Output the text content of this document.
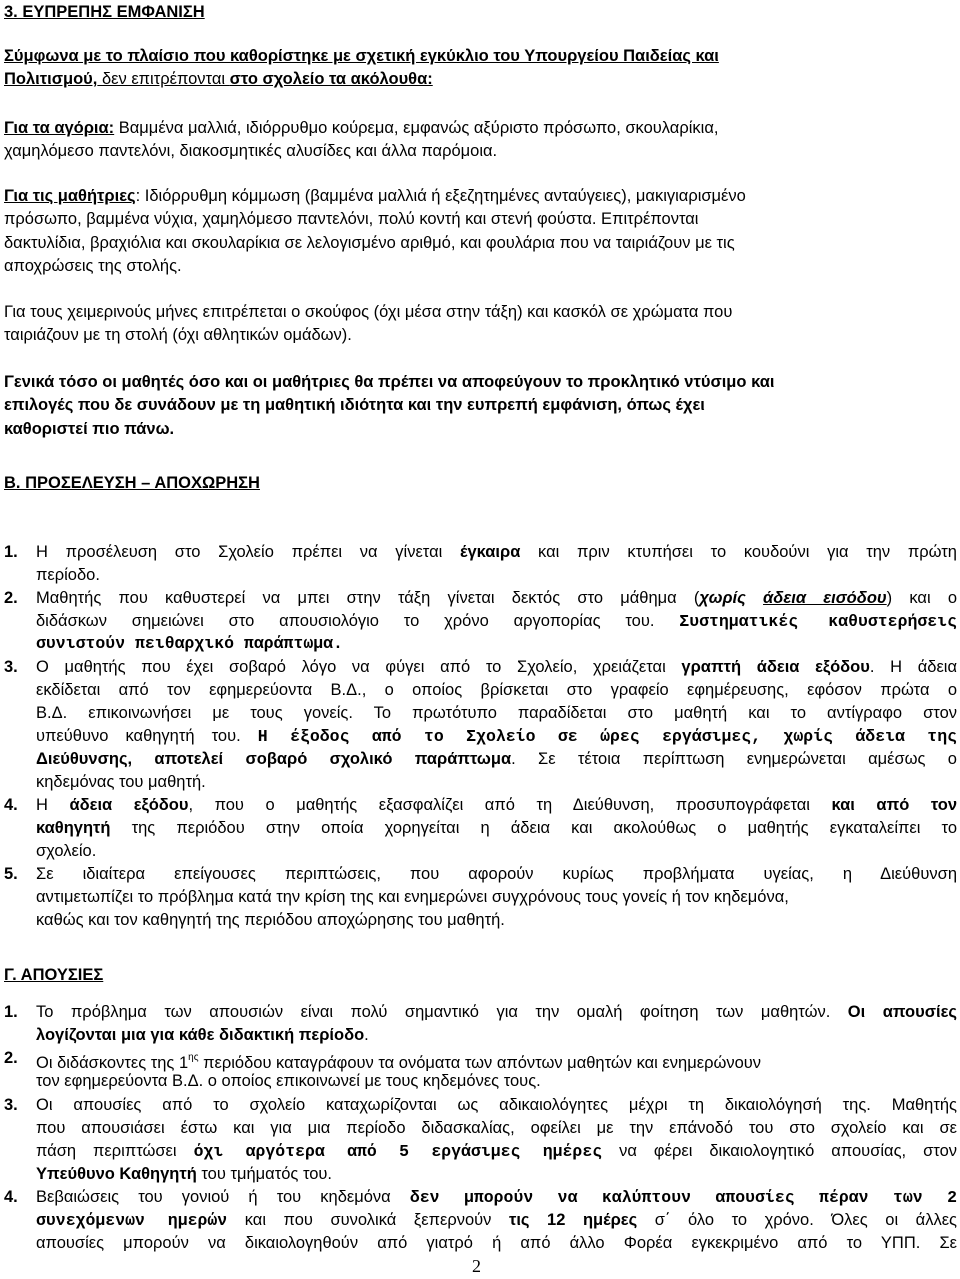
3. ΕΥΠΡΕΠΗΣ ΕΜΦΑΝΙΣΗ
Σύμφωνα με το πλαίσιο που καθορίστηκε με σχετική εγκύκλιο του Υπουργείου Παιδείας και
Πολιτισμού, δεν επιτρέπονται στο σχολείο τα ακόλουθα:
Για τα αγόρια: Βαμμένα μαλλιά, ιδιόρρυθμο κούρεμα, εμφανώς αξύριστο πρόσωπο, σκουλαρίκια,
χαμηλόμεσο παντελόνι, διακοσμητικές αλυσίδες και άλλα παρόμοια.
Για τις μαθήτριες: Ιδιόρρυθμη κόμμωση (βαμμένα μαλλιά ή εξεζητημένες ανταύγειες), μακιγιαρισμένο
πρόσωπο, βαμμένα νύχια, χαμηλόμεσο παντελόνι, πολύ κοντή και στενή φούστα. Επιτρέπονται
δακτυλίδια, βραχιόλια και σκουλαρίκια σε λελογισμένο αριθμό, και φουλάρια που να ταιριάζουν με τις
αποχρώσεις της στολής.
Για τους χειμερινούς μήνες επιτρέπεται ο σκούφος (όχι μέσα στην τάξη) και κασκόλ σε χρώματα που
ταιριάζουν με τη στολή (όχι αθλητικών ομάδων).
Γενικά τόσο οι μαθητές όσο και οι μαθήτριες θα πρέπει να αποφεύγουν το προκλητικό ντύσιμο και
επιλογές που δε συνάδουν με τη μαθητική ιδιότητα και την ευπρεπή εμφάνιση, όπως έχει
καθοριστεί πιο πάνω.
Β. ΠΡΟΣΕΛΕΥΣΗ – ΑΠΟΧΩΡΗΣΗ
1. Η προσέλευση στο Σχολείο πρέπει να γίνεται έγκαιρα και πριν κτυπήσει το κουδούνι για την πρώτη
περίοδο.
2. Μαθητής που καθυστερεί να μπει στην τάξη γίνεται δεκτός στο μάθημα (χωρίς άδεια εισόδου) και ο
διδάσκων σημειώνει στο απουσιολόγιο το χρόνο αργοπορίας του. Συστηματικές καθυστερήσεις
συνιστούν πειθαρχικό παράπτωμα.
3. Ο μαθητής που έχει σοβαρό λόγο να φύγει από το Σχολείο, χρειάζεται γραπτή άδεια εξόδου. Η άδεια
εκδίδεται από τον εφημερεύοντα Β.Δ., ο οποίος βρίσκεται στο γραφείο εφημέρευσης, εφόσον πρώτα ο
Β.Δ. επικοινωνήσει με τους γονείς. Το πρωτότυπο παραδίδεται στο μαθητή και το αντίγραφο στον
υπεύθυνο καθηγητή του. Η έξοδος από το Σχολείο σε ώρες εργάσιμες, χωρίς άδεια της
Διεύθυνσης, αποτελεί σοβαρό σχολικό παράπτωμα. Σε τέτοια περίπτωση ενημερώνεται αμέσως ο
κηδεμόνας του μαθητή.
4. Η άδεια εξόδου, που ο μαθητής εξασφαλίζει από τη Διεύθυνση, προσυπογράφεται και από τον
καθηγητή της περιόδου στην οποία χορηγείται η άδεια και ακολούθως ο μαθητής εγκαταλείπει το
σχολείο.
5. Σε ιδιαίτερα επείγουσες περιπτώσεις, που αφορούν κυρίως προβλήματα υγείας, η Διεύθυνση
αντιμετωπίζει το πρόβλημα κατά την κρίση της και ενημερώνει συγχρόνους τους γονείς ή τον κηδεμόνα,
καθώς και τον καθηγητή της περιόδου αποχώρησης του μαθητή.
Γ. ΑΠΟΥΣΙΕΣ
1. Το πρόβλημα των απουσιών είναι πολύ σημαντικό για την ομαλή φοίτηση των μαθητών. Οι απουσίες
λογίζονται μια για κάθε διδακτική περίοδο.
2. Οι διδάσκοντες της $1^{\eta\varsigma}$ περιόδου καταγράφουν τα ονόματα των απόντων μαθητών και ενημερώνουν
τον εφημερεύοντα Β.Δ. ο οποίος επικοινωνεί με τους κηδεμόνες τους.
3. Οι απουσίες από το σχολείο καταχωρίζονται ως αδικαιολόγητες μέχρι τη δικαιολόγησή της. Μαθητής
που απουσιάσει έστω και για μια περίοδο διδασκαλίας, οφείλει με την επάνοδό του στο σχολείο και σε
πάση περιπτώσει όχι αργότερα από 5 εργάσιμες ημέρες να φέρει δικαιολογητικό απουσίας, στον
Υπεύθυνο Καθηγητή του τμήματός του.
4. Βεβαιώσεις του γονιού ή του κηδεμόνα δεν μπορούν να καλύπτουν απουσίες πέραν των 2
συνεχόμενων ημερών και που συνολικά ξεπερνούν τις 12 ημέρες σ΄ όλο το χρόνο. Όλες οι άλλες
απουσίες μπορούν να δικαιολογηθούν από γιατρό ή από άλλο Φορέα εγκεκριμένο από το ΥΠΠ. Σε
2
